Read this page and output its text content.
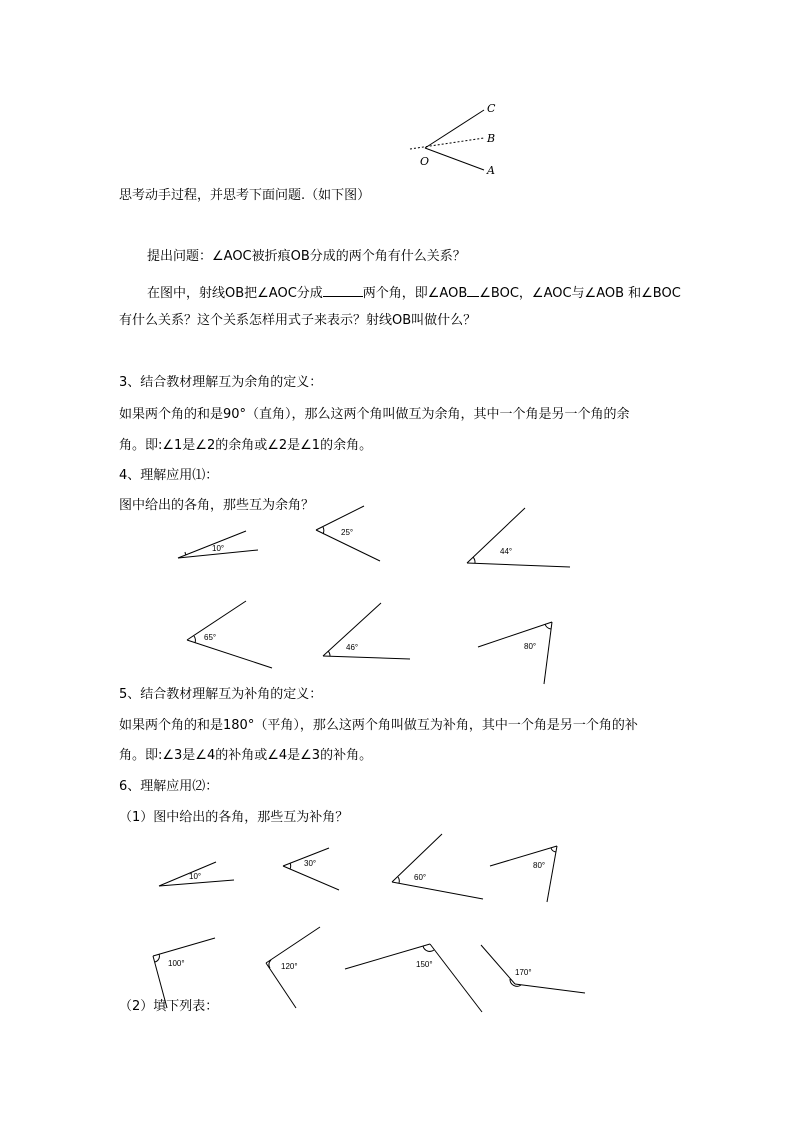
C
B
O
A
思考动手过程，并思考下面问题.（如下图）
提出问题：∠AOC被折痕OB分成的两个角有什么关系？
在图中，射线OB把∠AOC分成	两个角，即∠AOB ∠BOC，∠AOC与∠AOB 和∠BOC
有什么关系？这个关系怎样用式子来表示？射线OB叫做什么？
3、结合教材理解互为余角的定义：
如果两个角的和是90°（直角），那么这两个角叫做互为余角，其中一个角是另一个角的余
角。即:∠1是∠2的余角或∠2是∠1的余角。
4、理解应用⑴：
图中给出的各角，那些互为余角？
10°
25°
44°
65°
46°	80°
5、结合教材理解互为补角的定义：
如果两个角的和是180°（平角），那么这两个角叫做互为补角，其中一个角是另一个角的补
角。即:∠3是∠4的补角或∠4是∠3的补角。
6、理解应用⑵：
（1）图中给出的各角，那些互为补角？
10°
30°
60°
80°
100°	120°	150°
170°
（2）填下列表：
